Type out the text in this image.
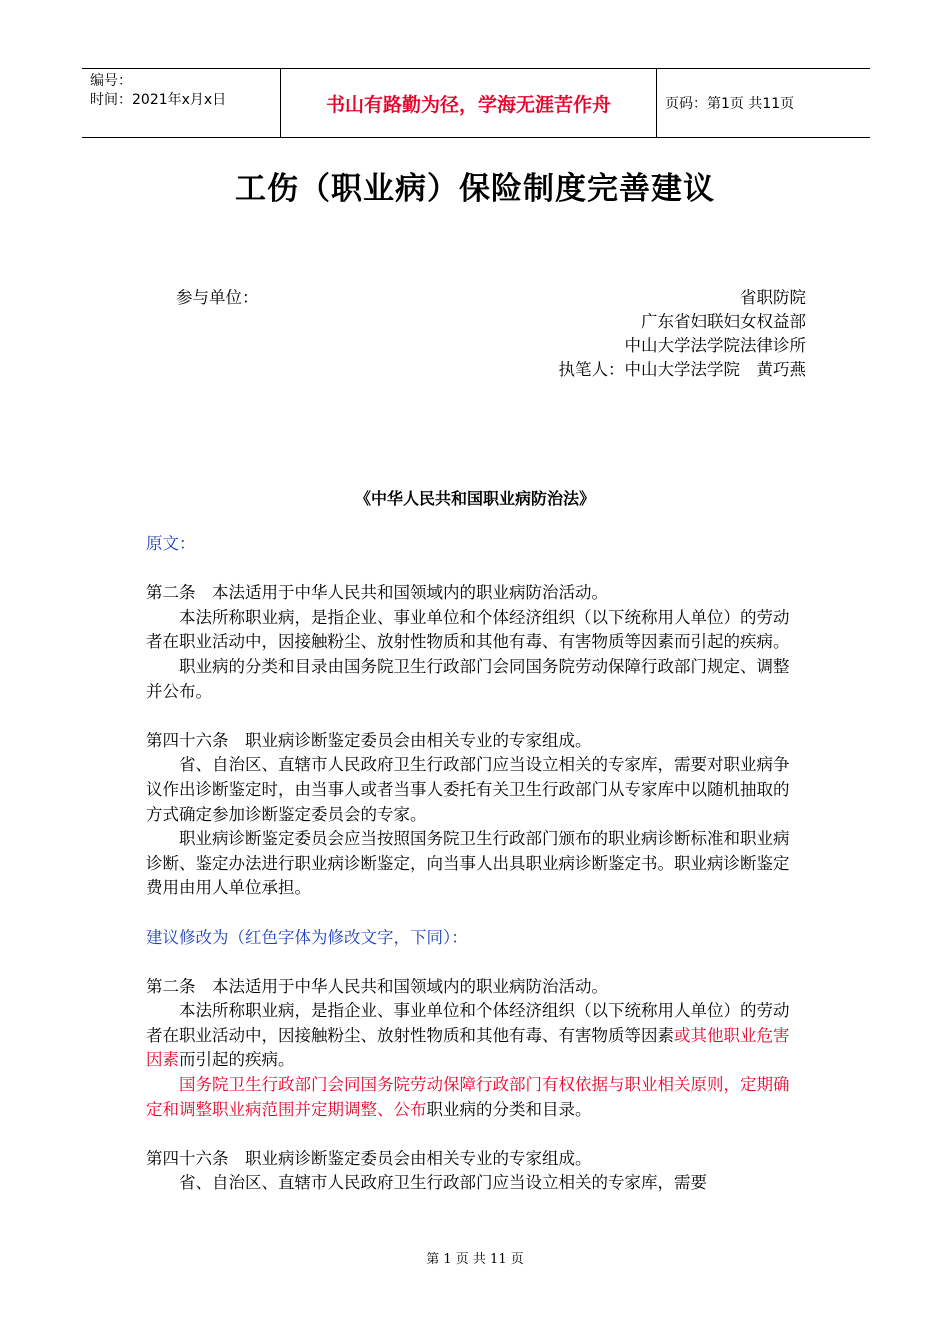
编号：
时间：2021年x月x日	书山有路勤为径，学海无涯苦作舟	页码：第1页 共11页
工伤（职业病）保险制度完善建议
参与单位：	省职防院
广东省妇联妇女权益部
中山大学法学院法律诊所
执笔人：中山大学法学院　黄巧燕
《中华人民共和国职业病防治法》

原文：

第二条　本法适用于中华人民共和国领域内的职业病防治活动。

本法所称职业病，是指企业、事业单位和个体经济组织（以下统称用人单位）的劳动者在职业活动中，因接触粉尘、放射性物质和其他有毒、有害物质等因素而引起的疾病。

职业病的分类和目录由国务院卫生行政部门会同国务院劳动保障行政部门规定、调整并公布。

第四十六条　职业病诊断鉴定委员会由相关专业的专家组成。

省、自治区、直辖市人民政府卫生行政部门应当设立相关的专家库，需要对职业病争议作出诊断鉴定时，由当事人或者当事人委托有关卫生行政部门从专家库中以随机抽取的方式确定参加诊断鉴定委员会的专家。

职业病诊断鉴定委员会应当按照国务院卫生行政部门颁布的职业病诊断标准和职业病诊断、鉴定办法进行职业病诊断鉴定，向当事人出具职业病诊断鉴定书。职业病诊断鉴定费用由用人单位承担。

建议修改为（红色字体为修改文字，下同）：

第二条　本法适用于中华人民共和国领域内的职业病防治活动。

本法所称职业病，是指企业、事业单位和个体经济组织（以下统称用人单位）的劳动者在职业活动中，因接触粉尘、放射性物质和其他有毒、有害物质等因素或其他职业危害因素而引起的疾病。

国务院卫生行政部门会同国务院劳动保障行政部门有权依据与职业相关原则，定期确定和调整职业病范围并定期调整、公布职业病的分类和目录。

第四十六条　职业病诊断鉴定委员会由相关专业的专家组成。

省、自治区、直辖市人民政府卫生行政部门应当设立相关的专家库，需要

第 1 页 共 11 页
